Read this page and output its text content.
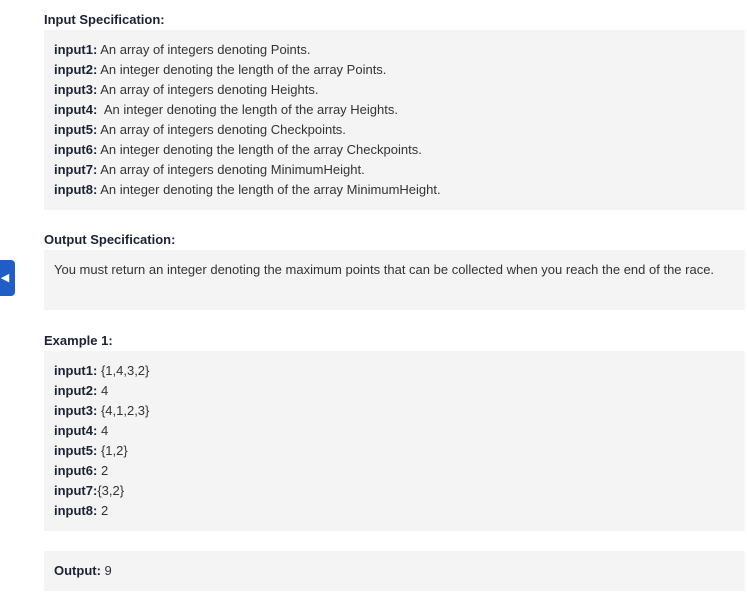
◀
Input Specification:
input1: An array of integers denoting Points.
input2: An integer denoting the length of the array Points.
input3: An array of integers denoting Heights.
input4:  An integer denoting the length of the array Heights.
input5: An array of integers denoting Checkpoints.
input6: An integer denoting the length of the array Checkpoints.
input7: An array of integers denoting MinimumHeight.
input8: An integer denoting the length of the array MinimumHeight.
Output Specification:

You must return an integer denoting the maximum points that can be collected when you reach the end of the race.

Example 1:
input1: {1,4,3,2}
input2: 4
input3: {4,1,2,3}
input4: 4
input5: {1,2}
input6: 2
input7:{3,2}
input8: 2
Output: 9
